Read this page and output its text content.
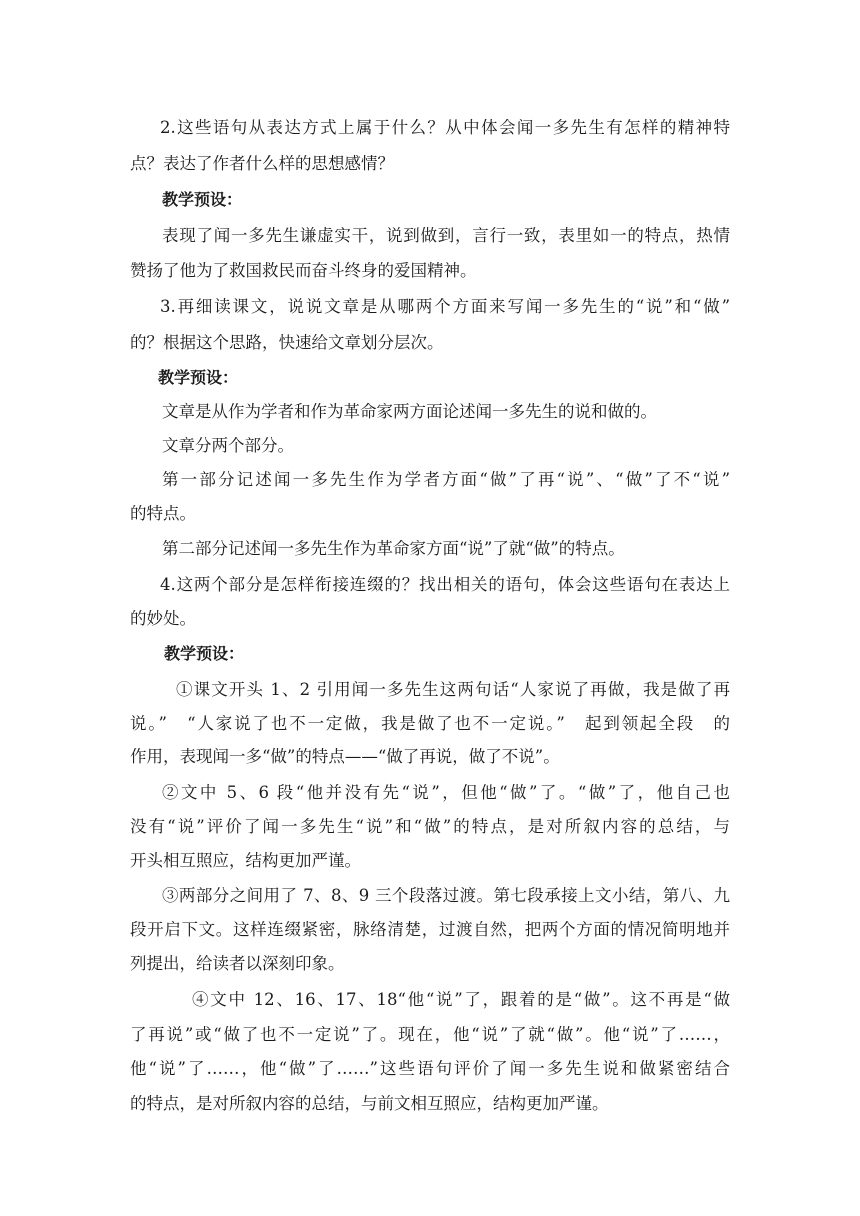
2.这些语句从表达方式上属于什么？从中体会闻一多先生有怎样的精神特
点？表达了作者什么样的思想感情？
教学预设：
表现了闻一多先生谦虚实干，说到做到，言行一致，表里如一的特点，热情
赞扬了他为了救国救民而奋斗终身的爱国精神。
3.再细读课文，说说文章是从哪两个方面来写闻一多先生的“说”和“做”
的？根据这个思路，快速给文章划分层次。
教学预设：
文章是从作为学者和作为革命家两方面论述闻一多先生的说和做的。
文章分两个部分。
第一部分记述闻一多先生作为学者方面“做”了再“说”、“做”了不“说”
的特点。
第二部分记述闻一多先生作为革命家方面“说”了就“做”的特点。
4.这两个部分是怎样衔接连缀的？找出相关的语句，体会这些语句在表达上
的妙处。
教学预设：
①课文开头 1、2 引用闻一多先生这两句话“人家说了再做，我是做了再
说。”　“人家说了也不一定做，我是做了也不一定说。”　起到领起全段　的
作用，表现闻一多“做”的特点——“做了再说，做了不说”。
②文中 5、6 段“他并没有先“说”，但他“做”了。“做”了，他自己也
没有“说”评价了闻一多先生“说”和“做”的特点，是对所叙内容的总结，与
开头相互照应，结构更加严谨。
③两部分之间用了 7、8、9 三个段落过渡。第七段承接上文小结，第八、九
段开启下文。这样连缀紧密，脉络清楚，过渡自然，把两个方面的情况简明地并
列提出，给读者以深刻印象。
④文中 12、16、17、18“他“说”了，跟着的是“做”。这不再是“做
了再说”或“做了也不一定说”了。现在，他“说”了就“做”。他“说”了……，
他“说”了……，他“做”了……”这些语句评价了闻一多先生说和做紧密结合
的特点，是对所叙内容的总结，与前文相互照应，结构更加严谨。
